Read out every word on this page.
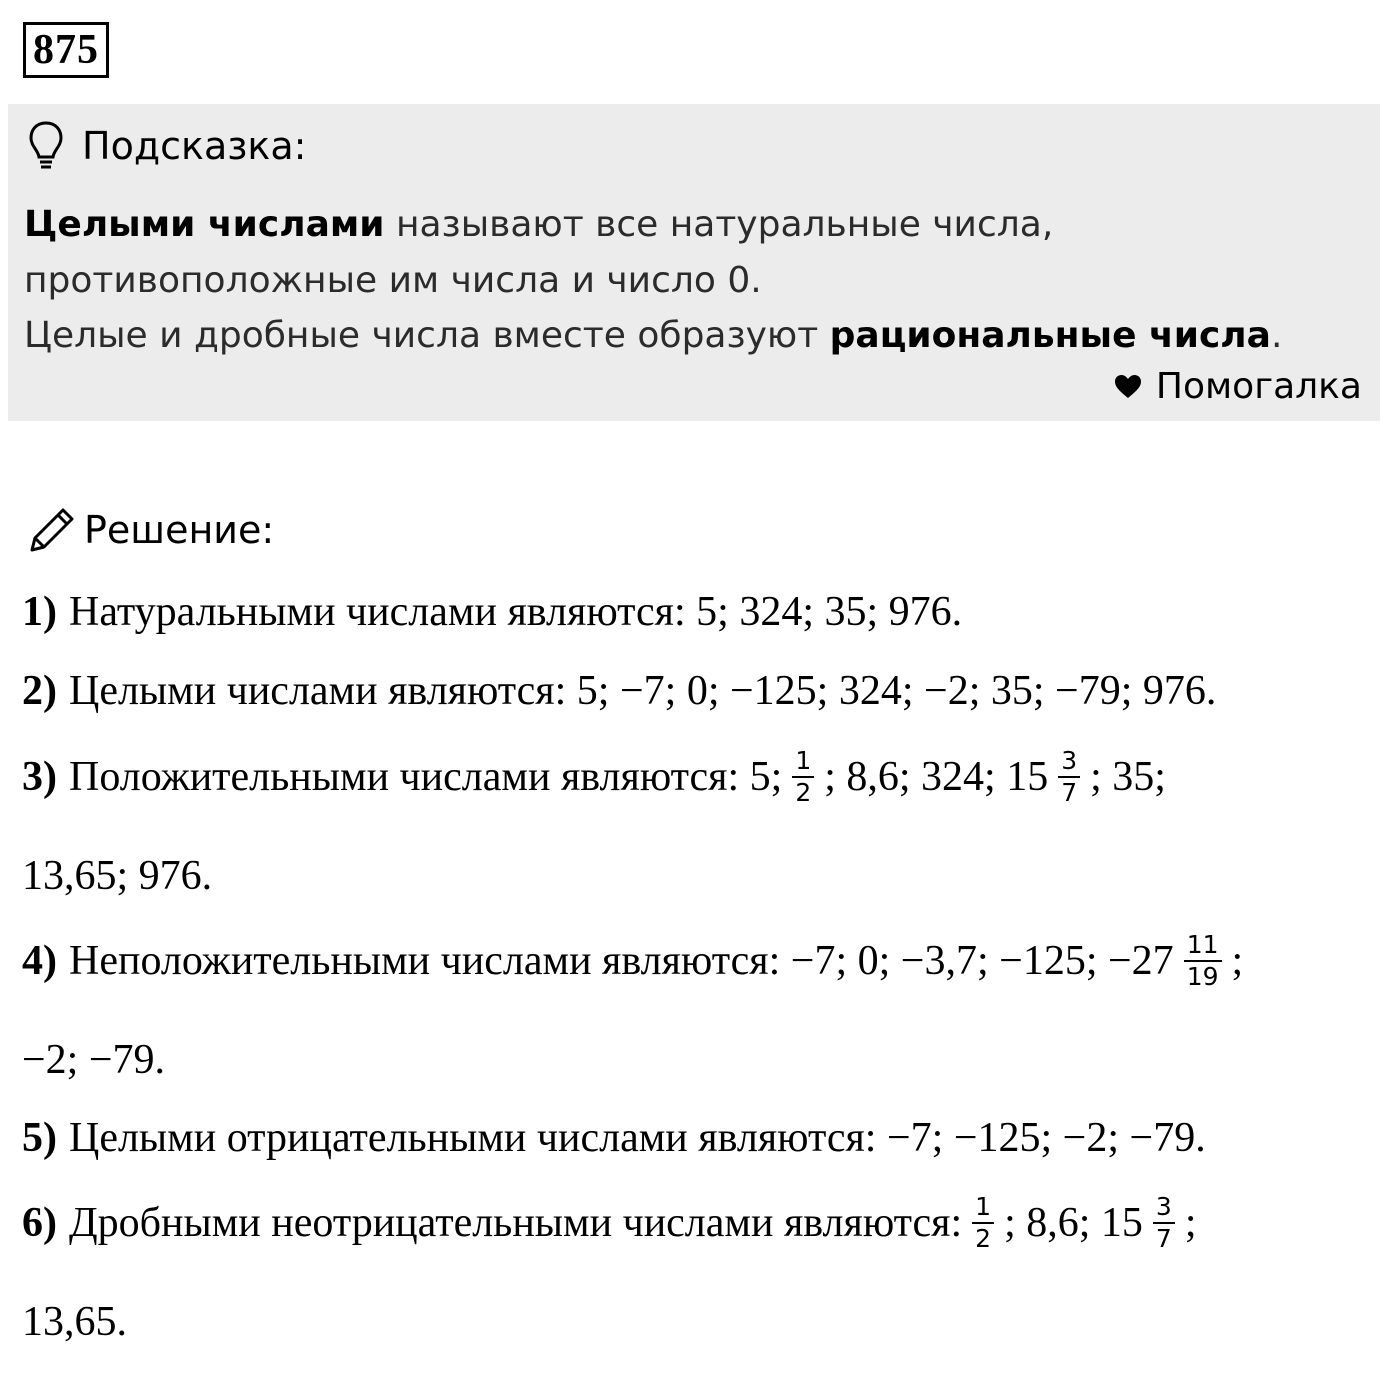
875
Подсказка:
Целыми числами называют все натуральные числа,
противоположные им числа и число 0.
Целые и дробные числа вместе образуют рациональные числа.
Помогалка
Решение:
1) Натуральными числами являются: 5; 324; 35; 976.
2) Целыми числами являются: 5; −7; 0; −125; 324; −2; 35; −79; 976.
3) Положительными числами являются: 5; $\frac{1}{2}$ ; 8,6; 324; $15 \frac{3}{7}$ ; 35;
13,65; 976.
4) Неположительными числами являются: −7; 0; −3,7; −125; $-27 \frac{11}{19}$ ;
−2; −79.
5) Целыми отрицательными числами являются: −7; −125; −2; −79.
6) Дробными неотрицательными числами являются: $\frac{1}{2}$ ; 8,6; $15 \frac{3}{7}$ ;
13,65.
